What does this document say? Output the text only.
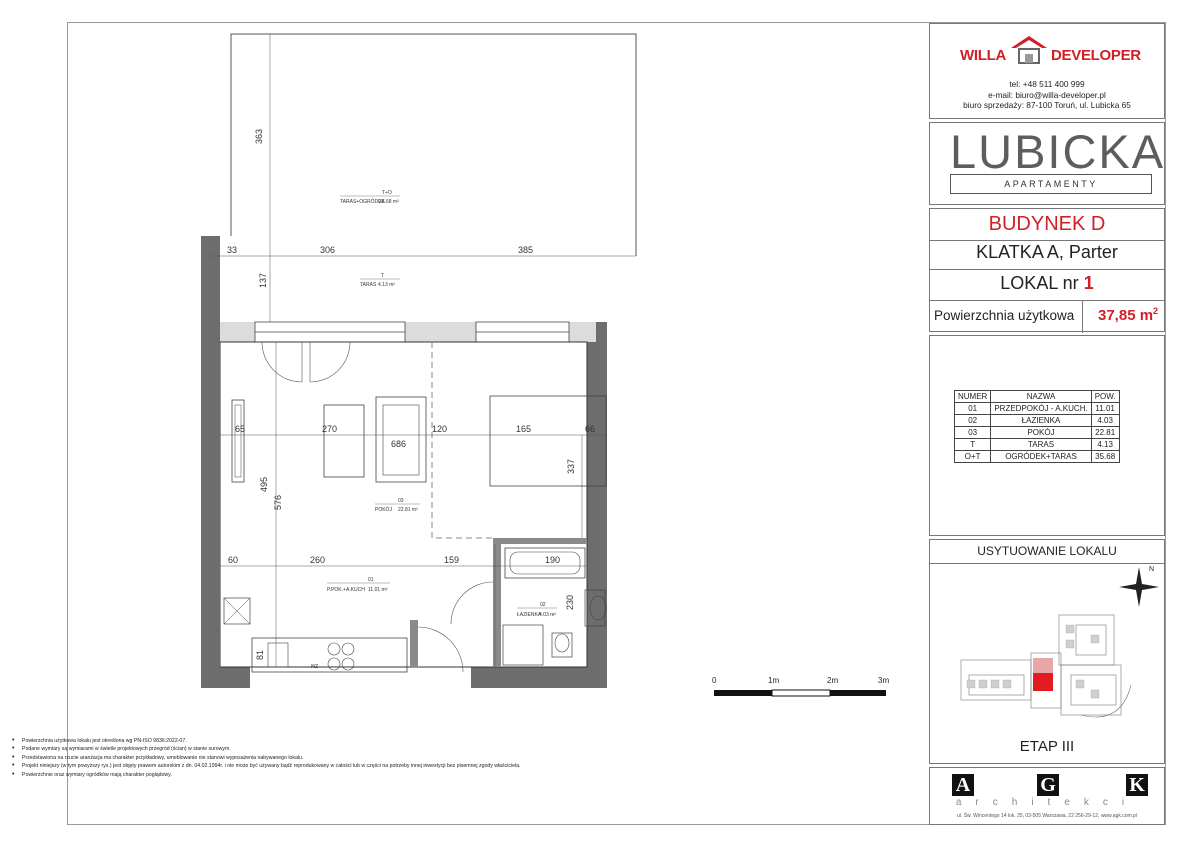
363
33	306	385
137
65	270
686
120	165	66
337
495
576
60	260	159	190
230
81
T+O
TARAS+OGRÓDEK
35.68 m²
T
TARAS 4.13 m²
03
POKÓJ 22.81 m²
01
P.POK.+A.KUCH 11.01 m²
02
ŁAZIENKA
4.03 m²
ZM
0	1m	2m	3m
• Powierzchnia użytkowa lokalu jest określona wg PN-ISO 9836:2022-07.
• Podane wymiary są wymiarami w świetle projektowych przegród (ścian) w stanie surowym.
• Przedstawiona na rzucie aranżacja ma charakter przykładowy, umeblowanie nie stanowi wyposażenia nabywanego lokalu.
• Projekt niniejszy (w tym powyższy rys.) jest objęty prawem autorskim z dn. 04.02.1994r. i nie może być używany bądź reprodukowany w całości lub w części na potrzeby innej inwestycji bez pisemnej zgody właściciela.
• Powierzchnie oraz wymiary ogródków mają charakter poglądowy.
WILLA	DEVELOPER
tel: +48 511 400 999
e-mail: biuro@willa-developer.pl
biuro sprzedaży: 87-100 Toruń, ul. Lubicka 65
LUBICKA
APARTAMENTY
BUDYNEK D
KLATKA A, Parter
LOKAL nr 1
Powierzchnia użytkowa 37,85 $m^2$
NUMER	NAZWA	POW.
01	PRZEDPOKÓJ - A.KUCH.	11.01
02	ŁAZIENKA	4.03
03	POKÓJ	22.81
T	TARAS	4.13
O+T	OGRÓDEK+TARAS	35.68
USYTUOWANIE LOKALU
N
ETAP III
A	G	K
architekci
ul. Św. Wincentego 14 lok. 25, 03-505 Warszawa, 22 256-29-12, www.agk.com.pl
